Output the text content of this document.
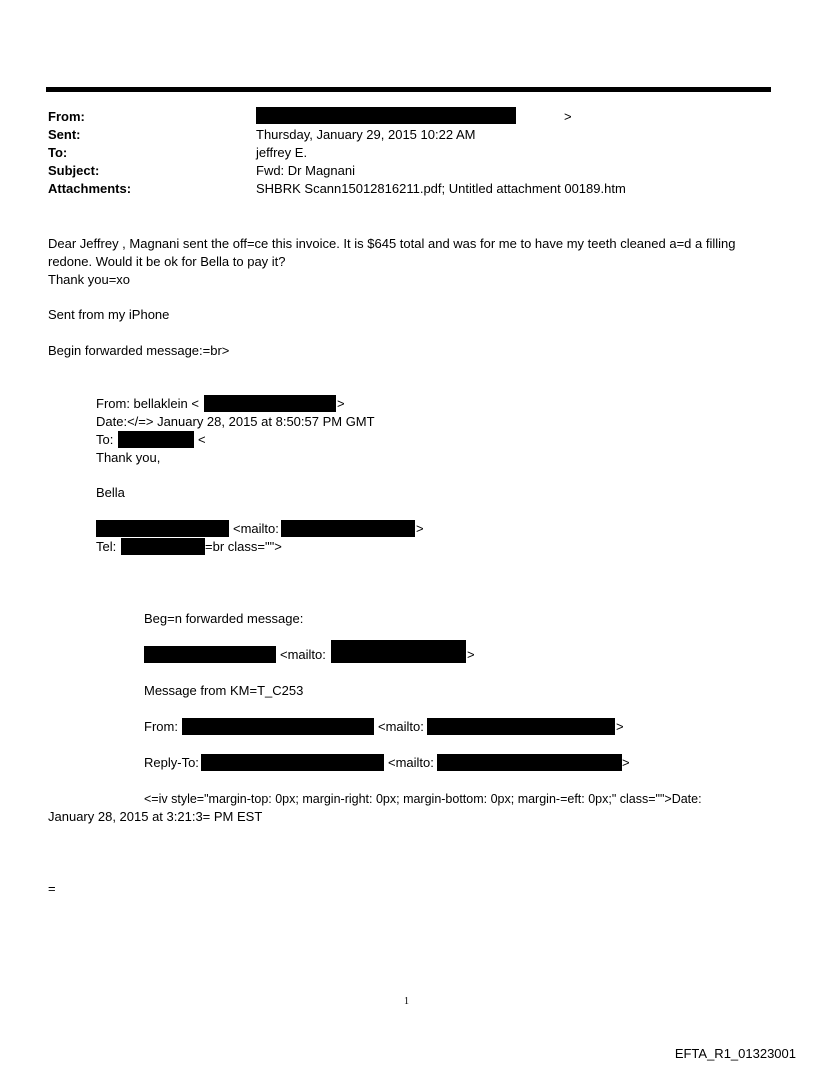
From:	>
Sent:	Thursday, January 29, 2015 10:22 AM
To:	jeffrey E.
Subject:	Fwd: Dr Magnani
Attachments:	SHBRK Scann15012816211.pdf; Untitled attachment 00189.htm
Dear Jeffrey , Magnani sent the off=ce this invoice. It is $645 total and was for me to have my teeth cleaned a=d a filling
redone. Would it be ok for Bella to pay it?
Thank you=xo
Sent from my iPhone
Begin forwarded message:=br>
From: bellaklein <	>
Date:</=> January 28, 2015 at 8:50:57 PM GMT
To:	<
Thank you,
Bella
<mailto:	>
Tel:	=br class="">
Beg=n forwarded message:
<mailto:	>
Message from KM=T_C253
From:	<mailto:	>
Reply-To:	<mailto:	>
<=iv style="margin-top: 0px; margin-right: 0px; margin-bottom: 0px; margin-=eft: 0px;" class="">Date:
January 28, 2015 at 3:21:3= PM EST
=
1
EFTA_R1_01323001
